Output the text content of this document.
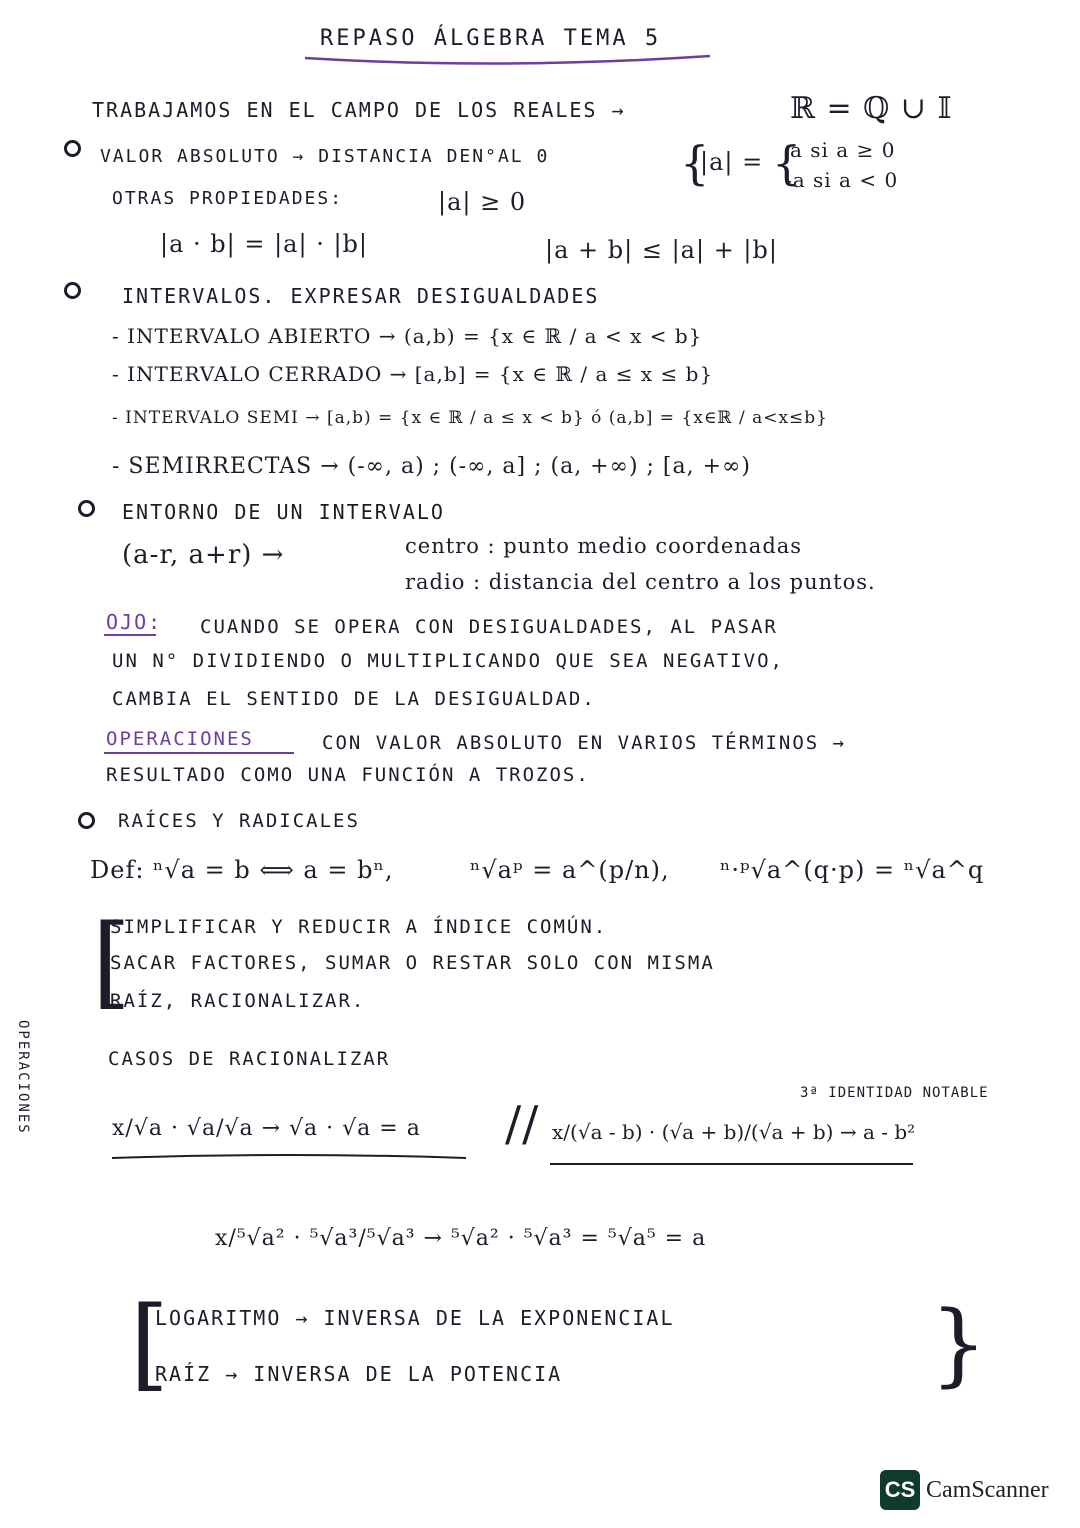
REPASO ÁLGEBRA TEMA 5
TRABAJAMOS EN EL CAMPO DE LOS REALES →	ℝ = ℚ ∪ 𝕀
VALOR ABSOLUTO → DISTANCIA DEN°AL 0	{
|a| = {
a si a ≥ 0
-a si a < 0
OTRAS PROPIEDADES:	|a| ≥ 0
|a · b| = |a| · |b|	|a + b| ≤ |a| + |b|
INTERVALOS. EXPRESAR DESIGUALDADES
- INTERVALO ABIERTO → (a,b) = {x ∈ ℝ / a < x < b}
- INTERVALO CERRADO → [a,b] = {x ∈ ℝ / a ≤ x ≤ b}
- INTERVALO SEMI → [a,b) = {x ∈ ℝ / a ≤ x < b} ó (a,b] = {x∈ℝ / a<x≤b}
- SEMIRRECTAS → (-∞, a) ; (-∞, a] ; (a, +∞) ; [a, +∞)
ENTORNO DE UN INTERVALO
(a-r, a+r) →	centro : punto medio coordenadas
radio : distancia del centro a los puntos.
OJO: CUANDO SE OPERA CON DESIGUALDADES, AL PASAR
UN N° DIVIDIENDO O MULTIPLICANDO QUE SEA NEGATIVO,
CAMBIA EL SENTIDO DE LA DESIGUALDAD.
OPERACIONES	CON VALOR ABSOLUTO EN VARIOS TÉRMINOS →
RESULTADO COMO UNA FUNCIÓN A TROZOS.
RAÍCES Y RADICALES
Def: ⁿ√a = b ⟺ a = bⁿ,	ⁿ√aᵖ = a^(p/n), ⁿ·ᵖ√a^(q·p) = ⁿ√a^q
OPERACIONES
[
SIMPLIFICAR Y REDUCIR A ÍNDICE COMÚN.
SACAR FACTORES, SUMAR O RESTAR SOLO CON MISMA
RAÍZ, RACIONALIZAR.
CASOS DE RACIONALIZAR
x/√a · √a/√a → √a · √a = a // x/(√a - b) · (√a + b)/(√a + b) → a - b²
3ª IDENTIDAD NOTABLE
x/⁵√a² · ⁵√a³/⁵√a³ → ⁵√a² · ⁵√a³ = ⁵√a⁵ = a
[
LOGARITMO → INVERSA DE LA EXPONENCIAL
RAÍZ → INVERSA DE LA POTENCIA	}
CS CamScanner
